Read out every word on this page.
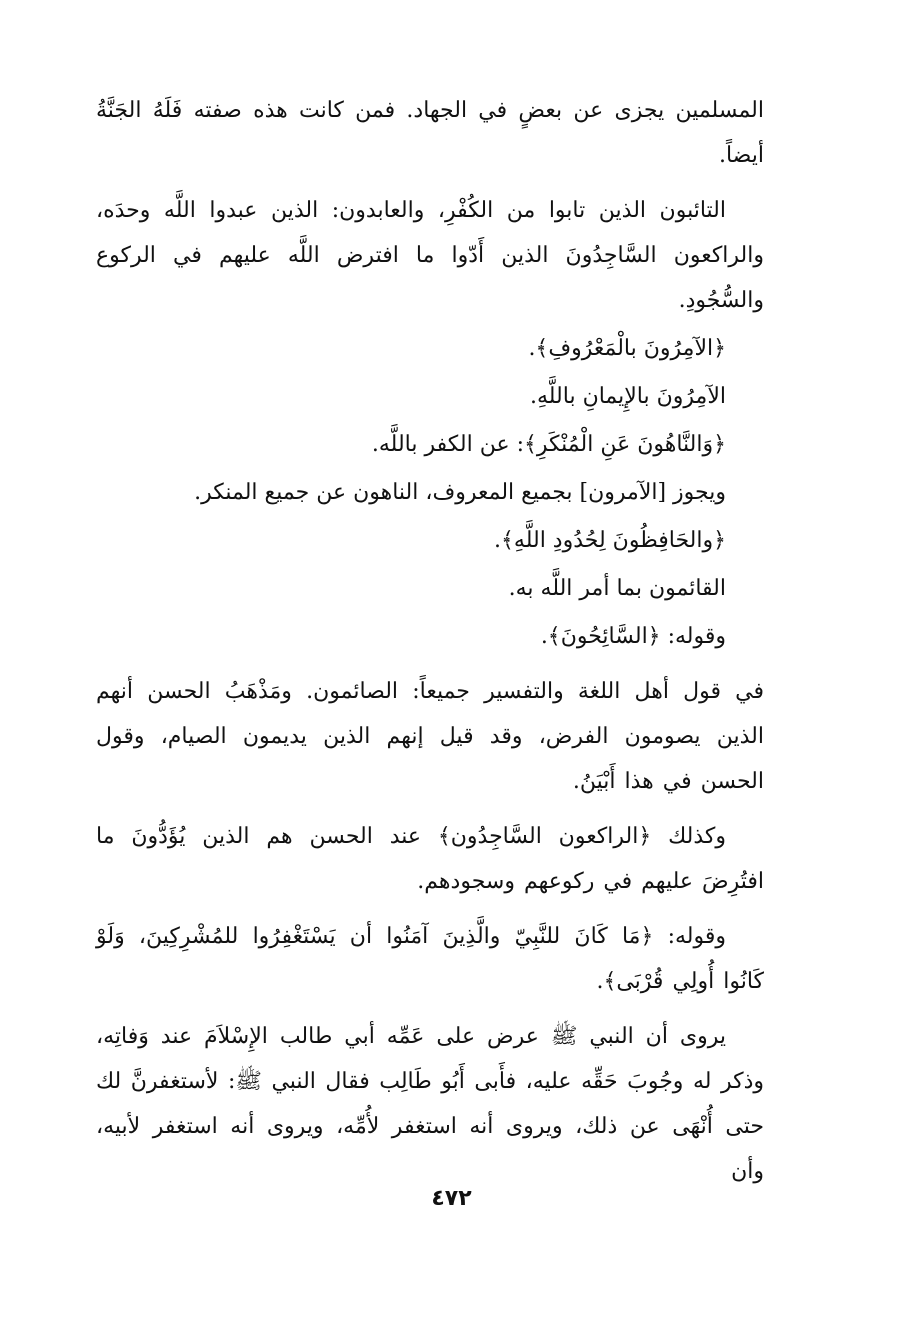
المسلمين يجزى عن بعضٍ في الجهاد. فمن كانت هذه صفته فَلَهُ الجَنَّةُ أيضاً.

التائبون الذين تابوا من الكُفْرِ، والعابدون: الذين عبدوا اللَّه وحدَه، والراكعون السَّاجِدُونَ الذين أَدّوا ما افترض اللَّه عليهم في الركوع والسُّجُودِ.

﴿الآمِرُونَ بالْمَعْرُوفِ﴾.

الآمِرُونَ بالإِيمانِ باللَّهِ.

﴿وَالنَّاهُونَ عَنِ الْمُنْكَرِ﴾: عن الكفر باللَّه.

ويجوز [الآمرون] بجميع المعروف، الناهون عن جميع المنكر.

﴿والحَافِظُونَ لِحُدُودِ اللَّهِ﴾.

القائمون بما أمر اللَّه به.

وقوله: ﴿السَّائِحُونَ﴾.

في قول أهل اللغة والتفسير جميعاً: الصائمون. ومَذْهَبُ الحسن أنهم الذين يصومون الفرض، وقد قيل إنهم الذين يديمون الصيام، وقول الحسن في هذا أَبْيَنُ.

وكذلك ﴿الراكعون السَّاجِدُون﴾ عند الحسن هم الذين يُؤَدُّونَ ما افتُرِضَ عليهم في ركوعهم وسجودهم.

وقوله: ﴿مَا كَانَ للنَّبِيّ والَّذِينَ آمَنُوا أن يَسْتَغْفِرُوا للمُشْرِكِينَ، وَلَوْ كَانُوا أُولِي قُرْبَى﴾.

يروى أن النبي ﷺ عرض على عَمِّه أبي طالب الإِسْلاَمَ عند وَفاتِه، وذكر له وجُوبَ حَقِّه عليه، فأَبى أَبُو طَالِب فقال النبي ﷺ: لأستغفرنَّ لك حتى أُنْهَى عن ذلك، ويروى أنه استغفر لأُمِّه، ويروى أنه استغفر لأبيه، وأن

٤٧٢
